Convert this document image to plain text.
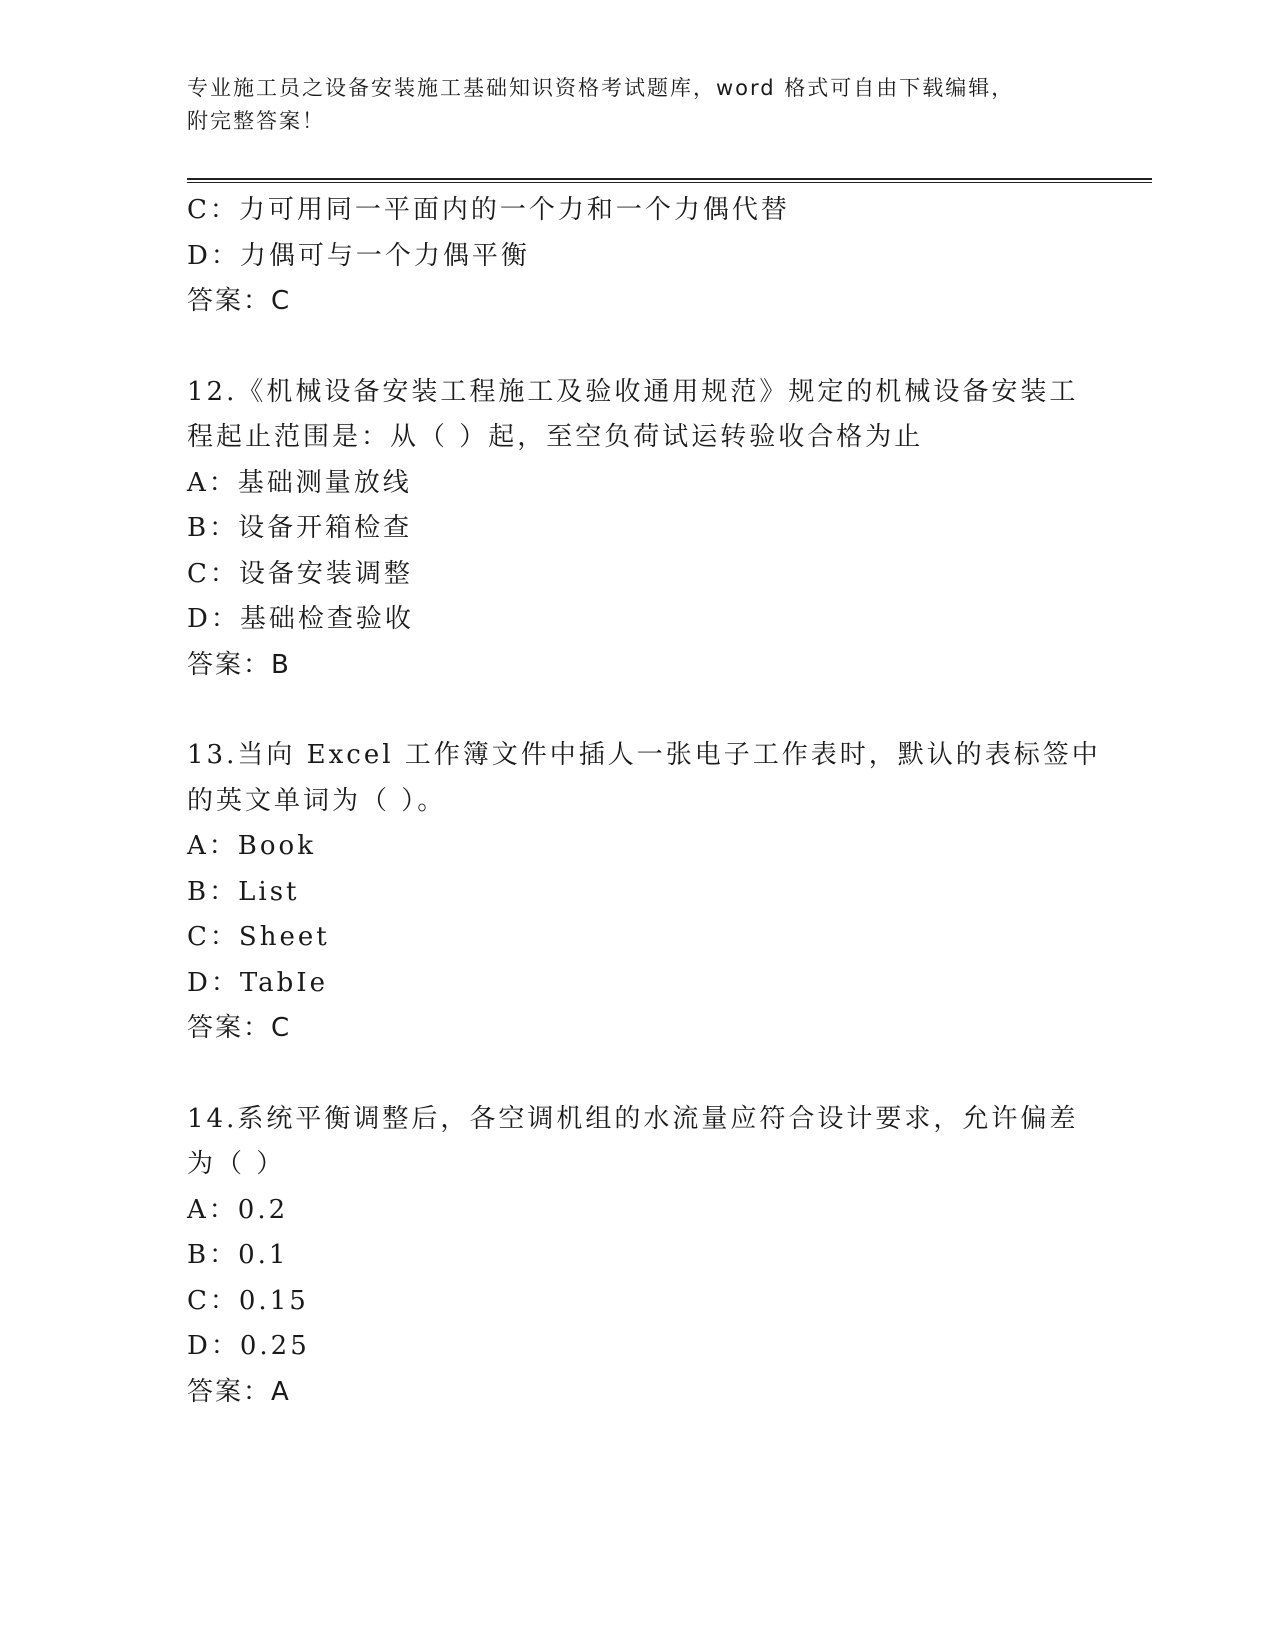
专业施工员之设备安装施工基础知识资格考试题库，word 格式可自由下载编辑，
附完整答案！
C：力可用同一平面内的一个力和一个力偶代替
D：力偶可与一个力偶平衡
答案：C
12.《机械设备安装工程施工及验收通用规范》规定的机械设备安装工
程起止范围是：从（ ）起，至空负荷试运转验收合格为止
A：基础测量放线
B：设备开箱检查
C：设备安装调整
D：基础检查验收
答案：B
13.当向 Excel 工作簿文件中插人一张电子工作表时，默认的表标签中
的英文单词为（ ）。
A：Book
B：List
C：Sheet
D：TabIe
答案：C
14.系统平衡调整后，各空调机组的水流量应符合设计要求，允许偏差
为（ ）
A：0.2
B：0.1
C：0.15
D：0.25
答案：A
